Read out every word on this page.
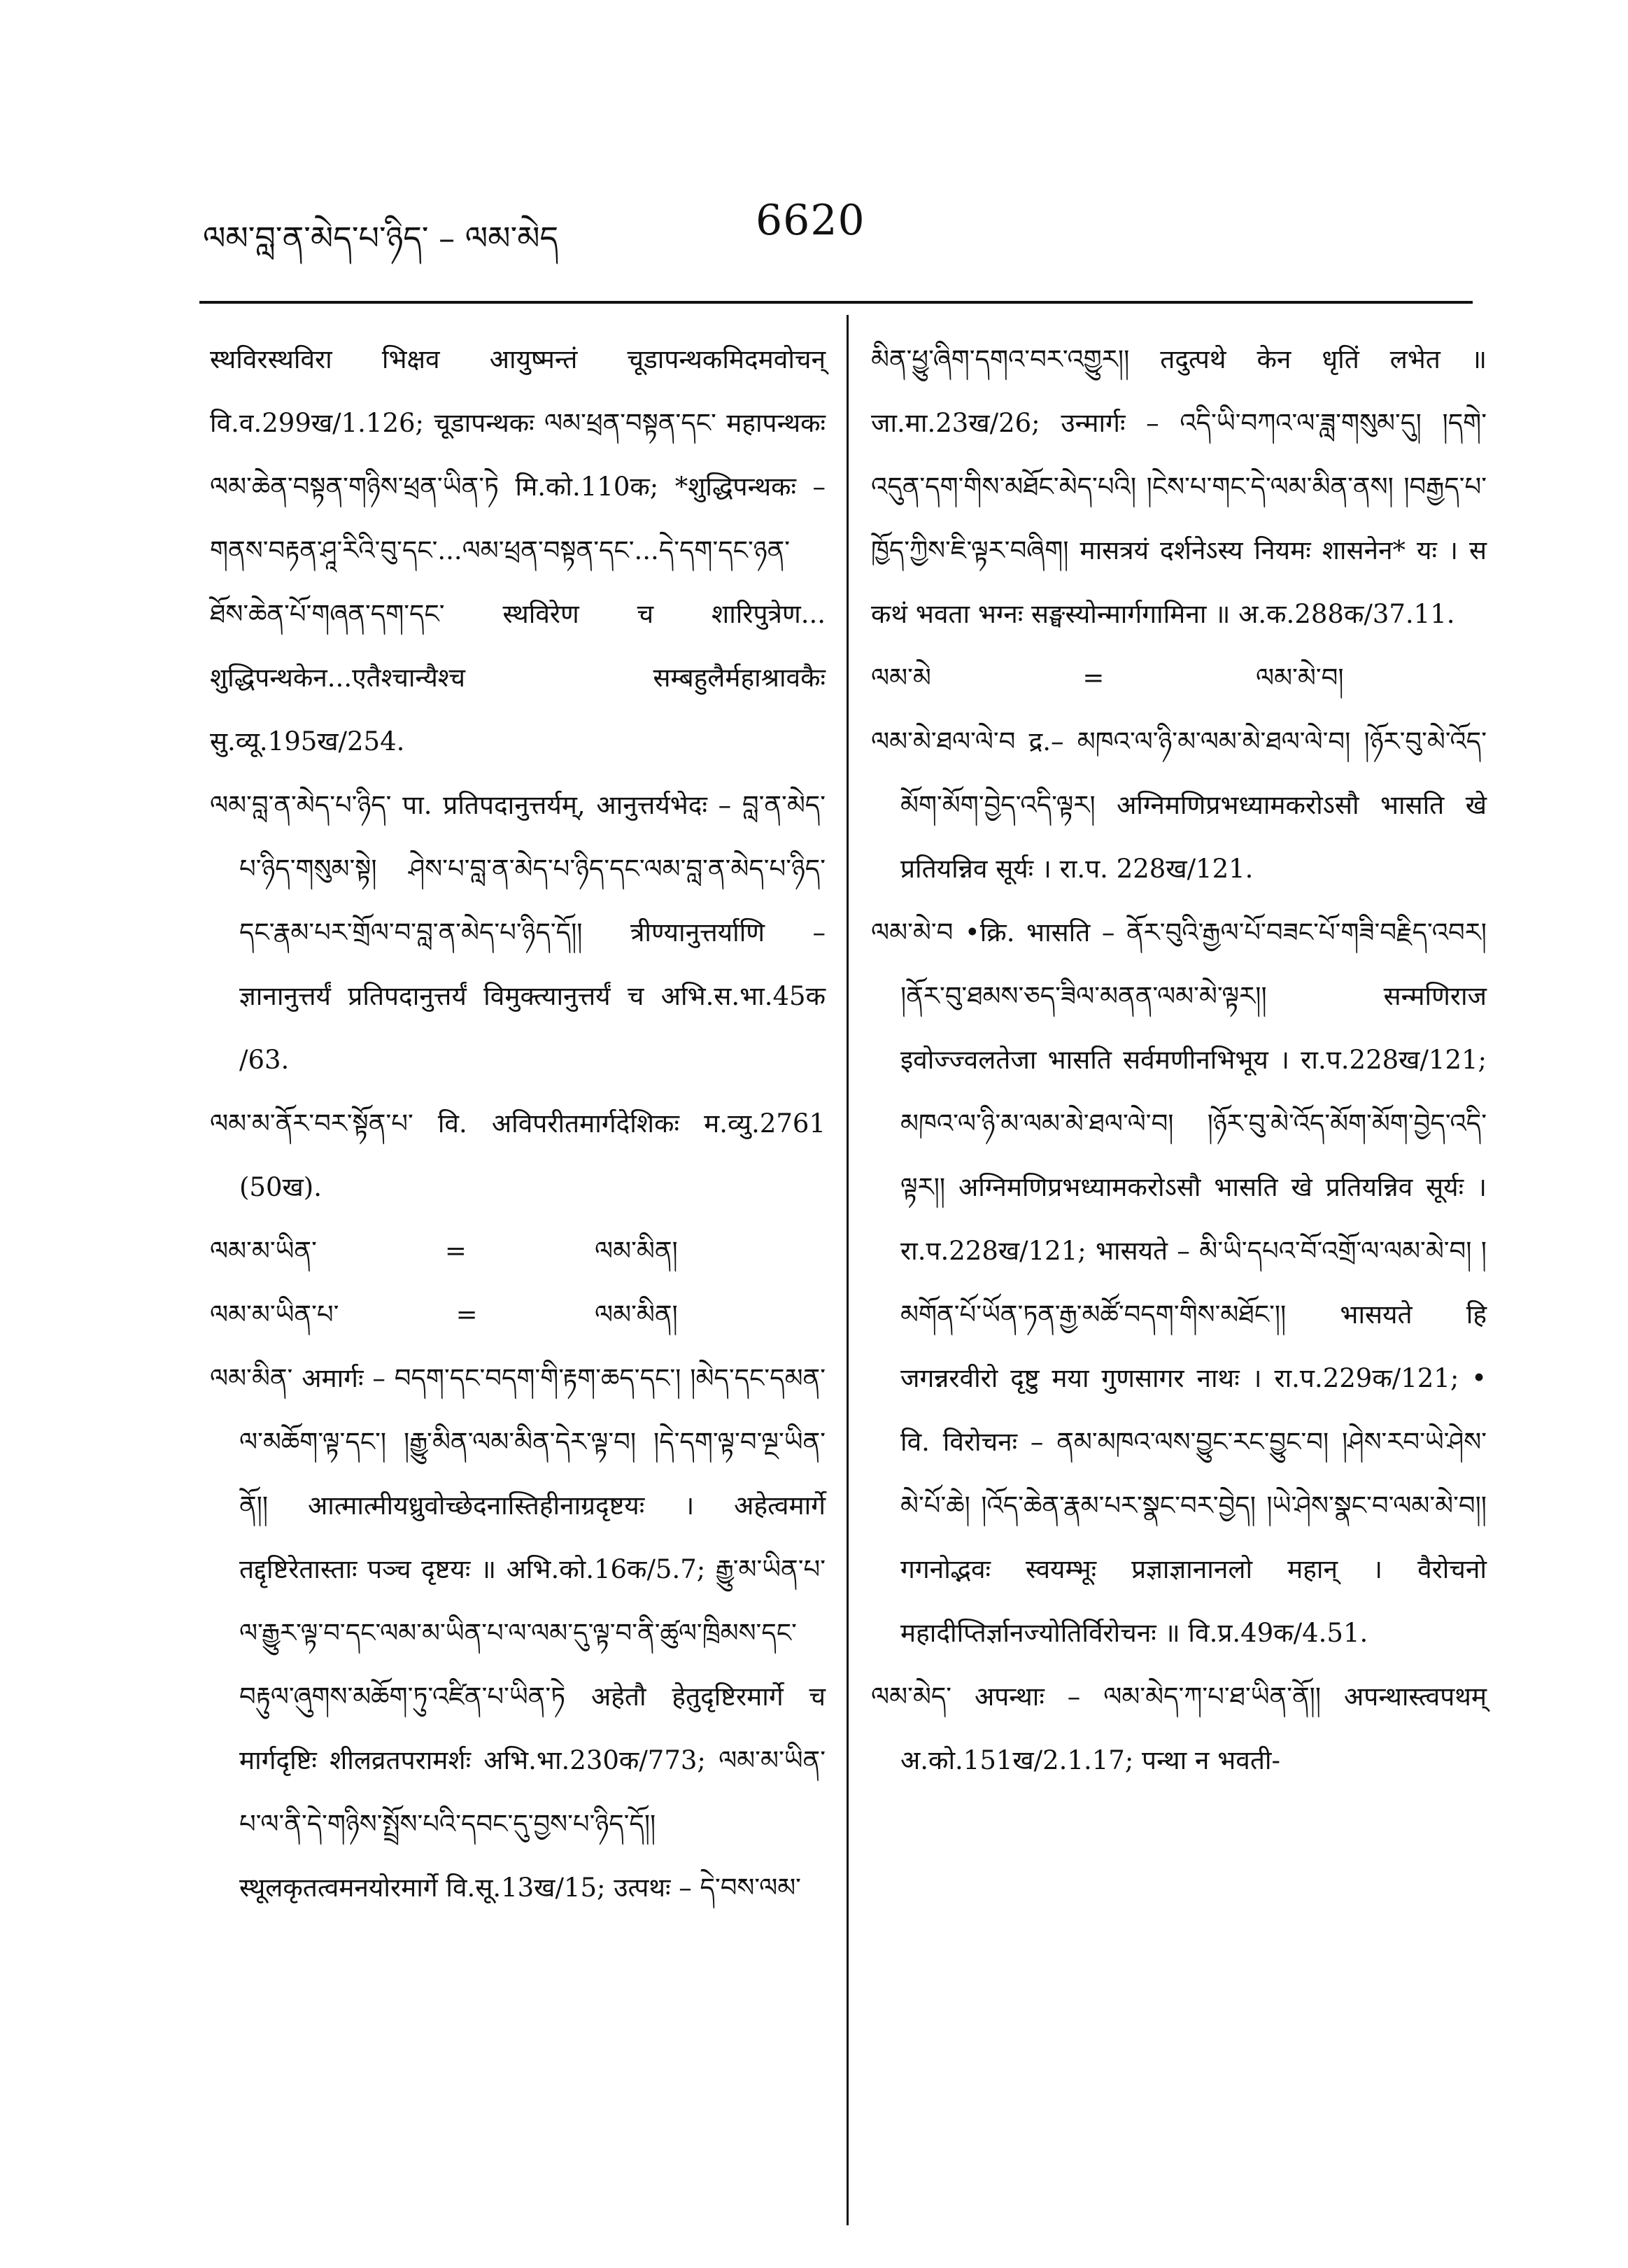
ལམ་བླ་ན་མེད་པ་ཉིད་ – ལམ་མེད	6620

स्थविरस्थविरा भिक्षव आयुष्मन्तं चूडापन्थकमिदमवोचन् वि.व.299ख/1.126; चूडापन्थकः ལམ་ཕྲན་བསྟན་དང་ महापन्थकः ལམ་ཆེན་བསྟན་གཉིས་ཕྲན་ཡིན་ཏེ मि.को.110क; *शुद्धिपन्थकः – གནས་བརྟན་ཤཱ་རིའི་བུ་དང་...ལམ་ཕྲན་བསྟན་དང་...དེ་དག་དང་ཉན་ཐོས་ཆེན་པོ་གཞན་དག་དང་ स्थविरेण च शारिपुत्रेण... शुद्धिपन्थकेन...एतैश्चान्यैश्च सम्बहुलैर्महाश्रावकैः सु.व्यू.195ख/254.

ལམ་བླ་ན་མེད་པ་ཉིད་ पा. प्रतिपदानुत्तर्यम्, आनुत्तर्यभेदः – བླ་ན་མེད་པ་ཉིད་གསུམ་སྟེ། ཤེས་པ་བླ་ན་མེད་པ་ཉིད་དང་ལམ་བླ་ན་མེད་པ་ཉིད་དང་རྣམ་པར་གྲོལ་བ་བླ་ན་མེད་པ་ཉིད་དོ།། त्रीण्यानुत्तर्याणि – ज्ञानानुत्तर्यं प्रतिपदानुत्तर्यं विमुक्त्यानुत्तर्यं च अभि.स.भा.45क /63.

ལམ་མ་ནོར་བར་སྟོན་པ་ वि. अविपरीतमार्गदेशिकः म.व्यु.2761 (50ख).

ལམ་མ་ཡིན་	=	ལམ་མིན།
ལམ་མ་ཡིན་པ་	=	ལམ་མིན།

ལམ་མིན་ अमार्गः – བདག་དང་བདག་གི་རྟག་ཆད་དང་། །མེད་དང་དམན་ལ་མཆོག་ལྟ་དང་། །རྒྱུ་མིན་ལམ་མིན་དེར་ལྟ་བ། །དེ་དག་ལྟ་བ་ལྔ་ཡིན་ནོ།། आत्मात्मीयध्रुवोच्छेदनास्तिहीनाग्रदृष्टयः । अहेत्वमार्गे तद्दृष्टिरेतास्ताः पञ्च दृष्टयः ॥ अभि.को.16क/5.7; རྒྱུ་མ་ཡིན་པ་ལ་རྒྱུར་ལྟ་བ་དང་ལམ་མ་ཡིན་པ་ལ་ལམ་དུ་ལྟ་བ་ནི་ཚུལ་ཁྲིམས་དང་བརྟུལ་ཞུགས་མཆོག་ཏུ་འཛིན་པ་ཡིན་ཏེ अहेतौ हेतुदृष्टिरमार्गे च मार्गदृष्टिः शीलव्रतपरामर्शः अभि.भा.230क/773; ལམ་མ་ཡིན་པ་ལ་ནི་དེ་གཉིས་སྤྲོས་པའི་དབང་དུ་བྱས་པ་ཉིད་དོ།། स्थूलकृतत्वमनयोरमार्गे वि.सू.13ख/15; उत्पथः – དེ་བས་ལམ་

མིན་ཕྱུ་ཞིག་དགའ་བར་འགྱུར།། तदुत्पथे केन धृतिं लभेत ॥ जा.मा.23ख/26; उन्मार्गः – འདི་ཡི་བཀའ་ལ་ཟླ་གསུམ་དུ། །དགེ་འདུན་དག་གིས་མཐོང་མེད་པའི། །ངེས་པ་གང་དེ་ལམ་མིན་ནས། །བརྒྱད་པ་ཁྱོད་ཀྱིས་ཇི་ལྟར་བཞིག། मासत्रयं दर्शनेऽस्य नियमः शासनेन* यः । स कथं भवता भग्नः सङ्घस्योन्मार्गगामिना ॥ अ.क.288क/37.11.

ལམ་མེ	=	ལམ་མེ་བ།

ལམ་མེ་ཐལ་ལེ་བ द्र.– མཁའ་ལ་ཉི་མ་ལམ་མེ་ཐལ་ལེ་བ། །ཉོར་བུ་མེ་འོད་མོག་མོག་བྱེད་འདི་ལྟར། अग्निमणिप्रभध्यामकरोऽसौ भासति खे प्रतियन्निव सूर्यः । रा.प. 228ख/121.

ལམ་མེ་བ •क्रि. भासति – ནོར་བུའི་རྒྱལ་པོ་བཟང་པོ་གཟི་བརྗིད་འབར། །ནོར་བུ་ཐམས་ཅད་ཟིལ་མནན་ལམ་མེ་ལྟར།། सन्मणिराज इवोज्ज्वलतेजा भासति सर्वमणीनभिभूय । रा.प.228ख/121; མཁའ་ལ་ཉི་མ་ལམ་མེ་ཐལ་ལེ་བ། །ཉོར་བུ་མེ་འོད་མོག་མོག་བྱེད་འདི་ལྟར།། अग्निमणिप्रभध्यामकरोऽसौ भासति खे प्रतियन्निव सूर्यः । रा.प.228ख/121; भासयते – མི་ཡི་དཔའ་བོ་འགྲོ་ལ་ལམ་མེ་བ། །མགོན་པོ་ཡོན་ཏན་རྒྱ་མཚོ་བདག་གིས་མཐོང་།། भासयते हि जगन्नरवीरो दृष्टु मया गुणसागर नाथः । रा.प.229क/121; • वि. विरोचनः – ནམ་མཁའ་ལས་བྱུང་རང་བྱུང་བ། །ཤེས་རབ་ཡེ་ཤེས་མེ་པོ་ཆེ། །འོད་ཆེན་རྣམ་པར་སྣང་བར་བྱེད། །ཡེ་ཤེས་སྣང་བ་ལམ་མེ་བ།། गगनोद्भवः स्वयम्भूः प्रज्ञाज्ञानानलो महान् । वैरोचनो महादीप्तिर्ज्ञानज्योतिर्विरोचनः ॥ वि.प्र.49क/4.51.

ལམ་མེད་ अपन्थाः – ལམ་མེད་ཀ་པ་ཐ་ཡིན་ནོ།། अपन्थास्त्वपथम् अ.को.151ख/2.1.17; पन्था न भवती-
